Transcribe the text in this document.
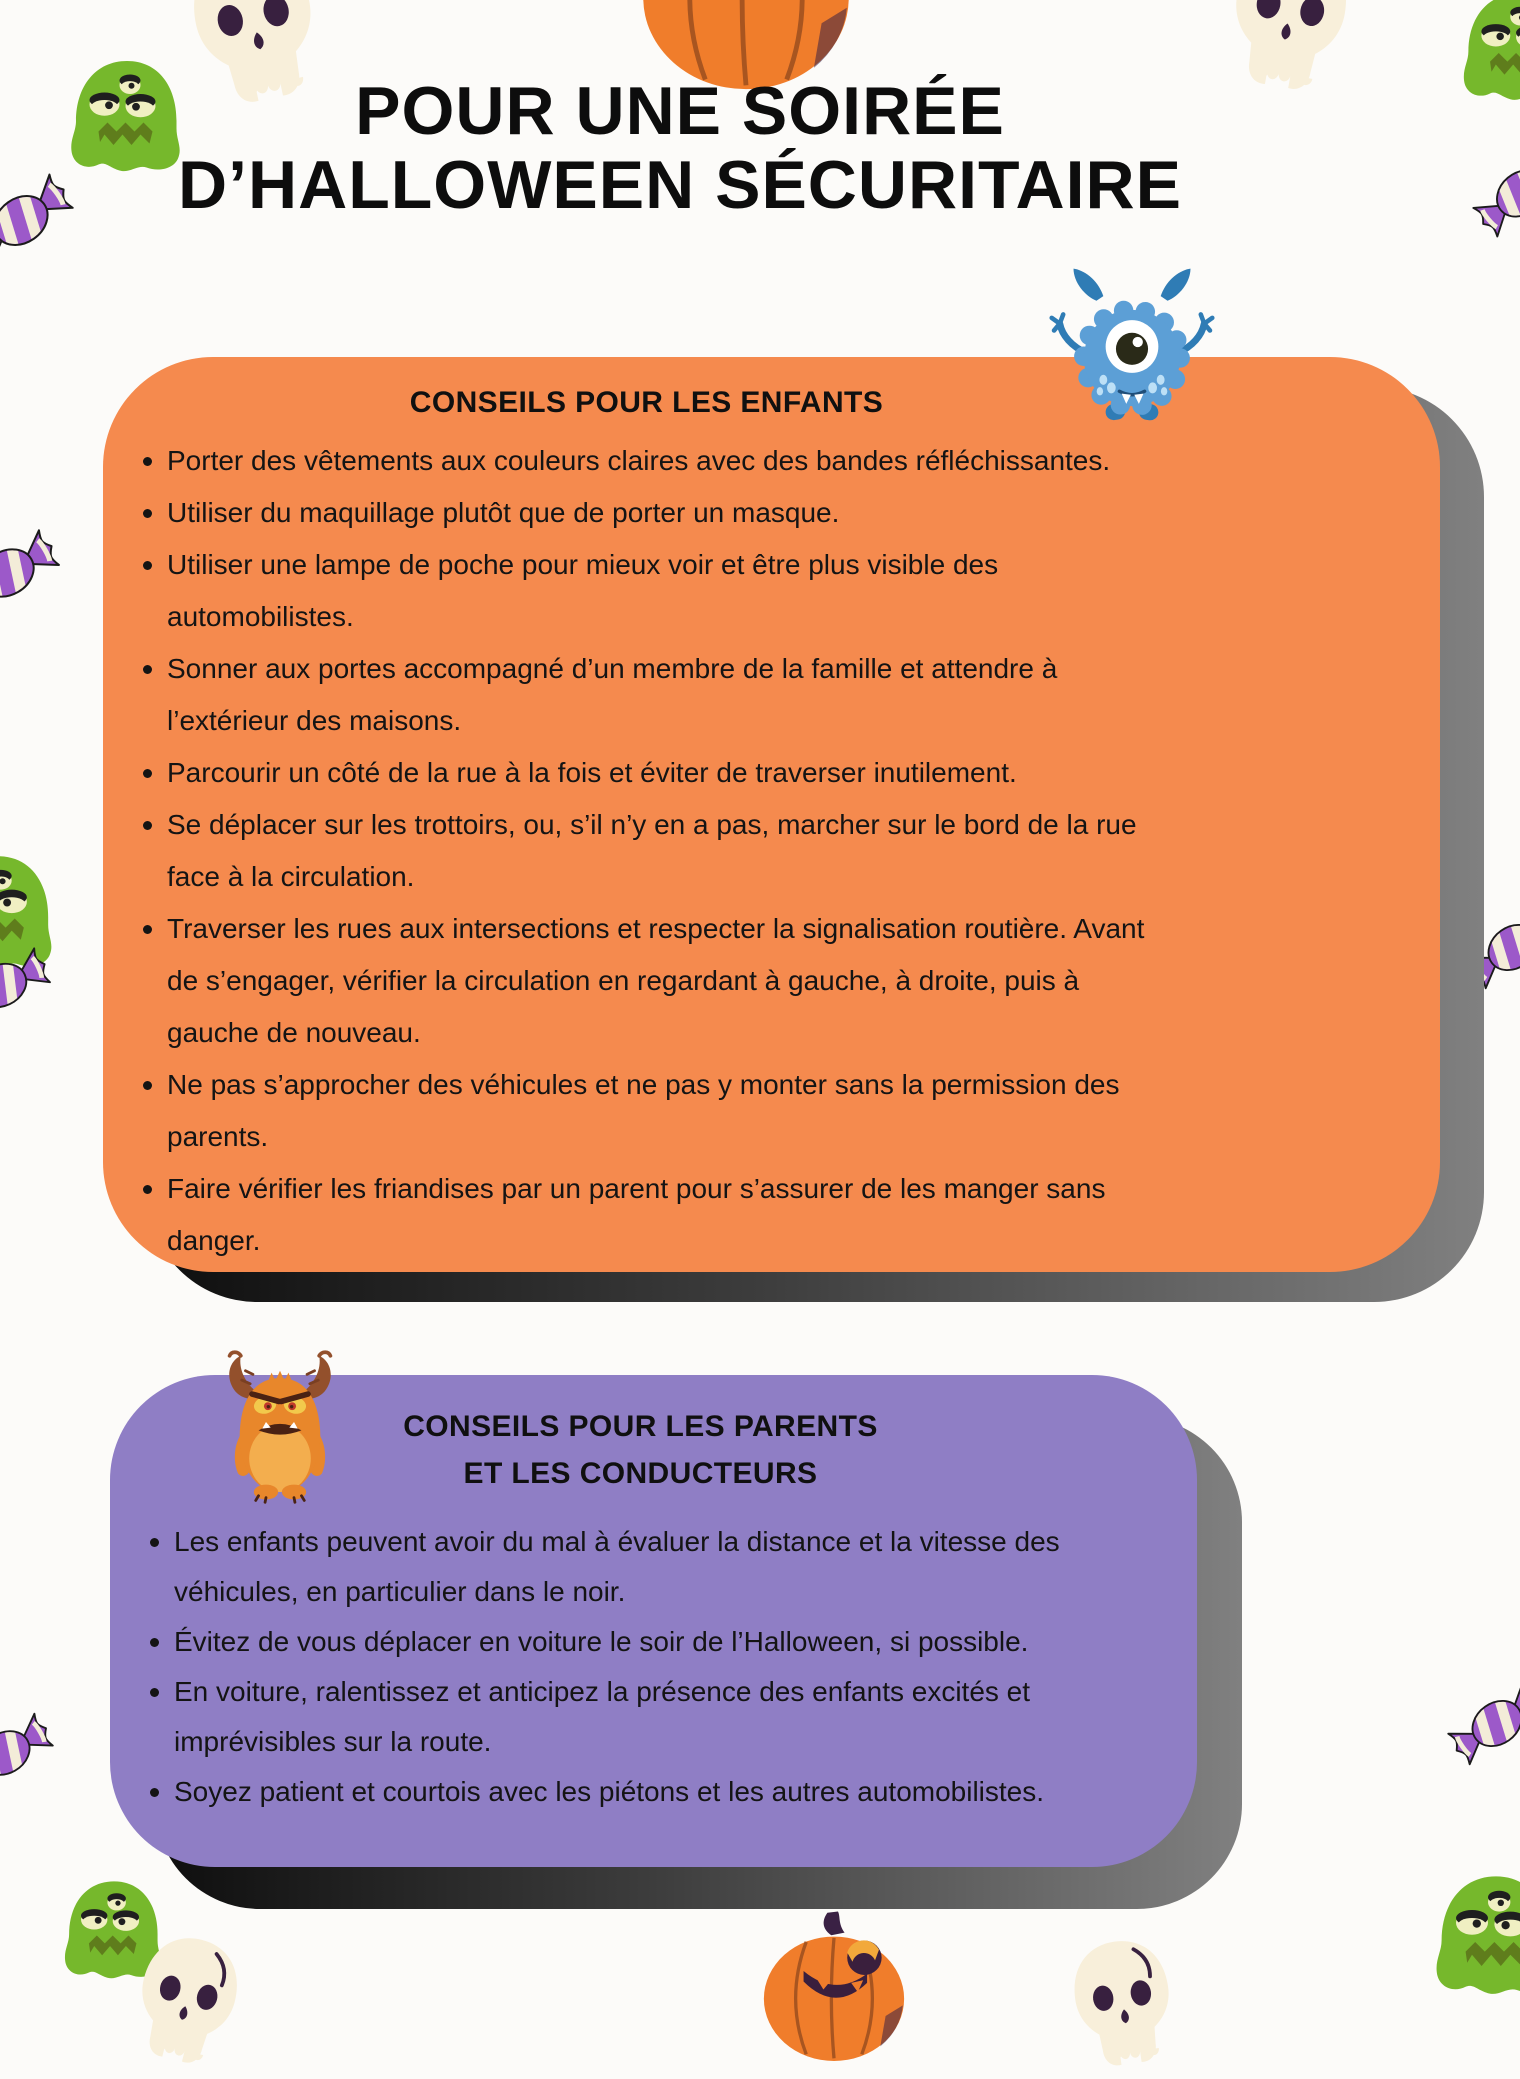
POUR UNE SOIRÉE
D’HALLOWEEN SÉCURITAIRE
CONSEILS POUR LES ENFANTS
Porter des vêtements aux couleurs claires avec des bandes réfléchissantes.
Utiliser du maquillage plutôt que de porter un masque.
Utiliser une lampe de poche pour mieux voir et être plus visible des automobilistes.
Sonner aux portes accompagné d’un membre de la famille et attendre à l’extérieur des maisons.
Parcourir un côté de la rue à la fois et éviter de traverser inutilement.
Se déplacer sur les trottoirs, ou, s’il n’y en a pas, marcher sur le bord de la rue face à la circulation.
Traverser les rues aux intersections et respecter la signalisation routière. Avant de s’engager, vérifier la circulation en regardant à gauche, à droite, puis à gauche de nouveau.
Ne pas s’approcher des véhicules et ne pas y monter sans la permission des parents.
Faire vérifier les friandises par un parent pour s’assurer de les manger sans danger.
CONSEILS POUR LES PARENTS
ET LES CONDUCTEURS
Les enfants peuvent avoir du mal à évaluer la distance et la vitesse des véhicules, en particulier dans le noir.
Évitez de vous déplacer en voiture le soir de l’Halloween, si possible.
En voiture, ralentissez et anticipez la présence des enfants excités et imprévisibles sur la route.
Soyez patient et courtois avec les piétons et les autres automobilistes.
